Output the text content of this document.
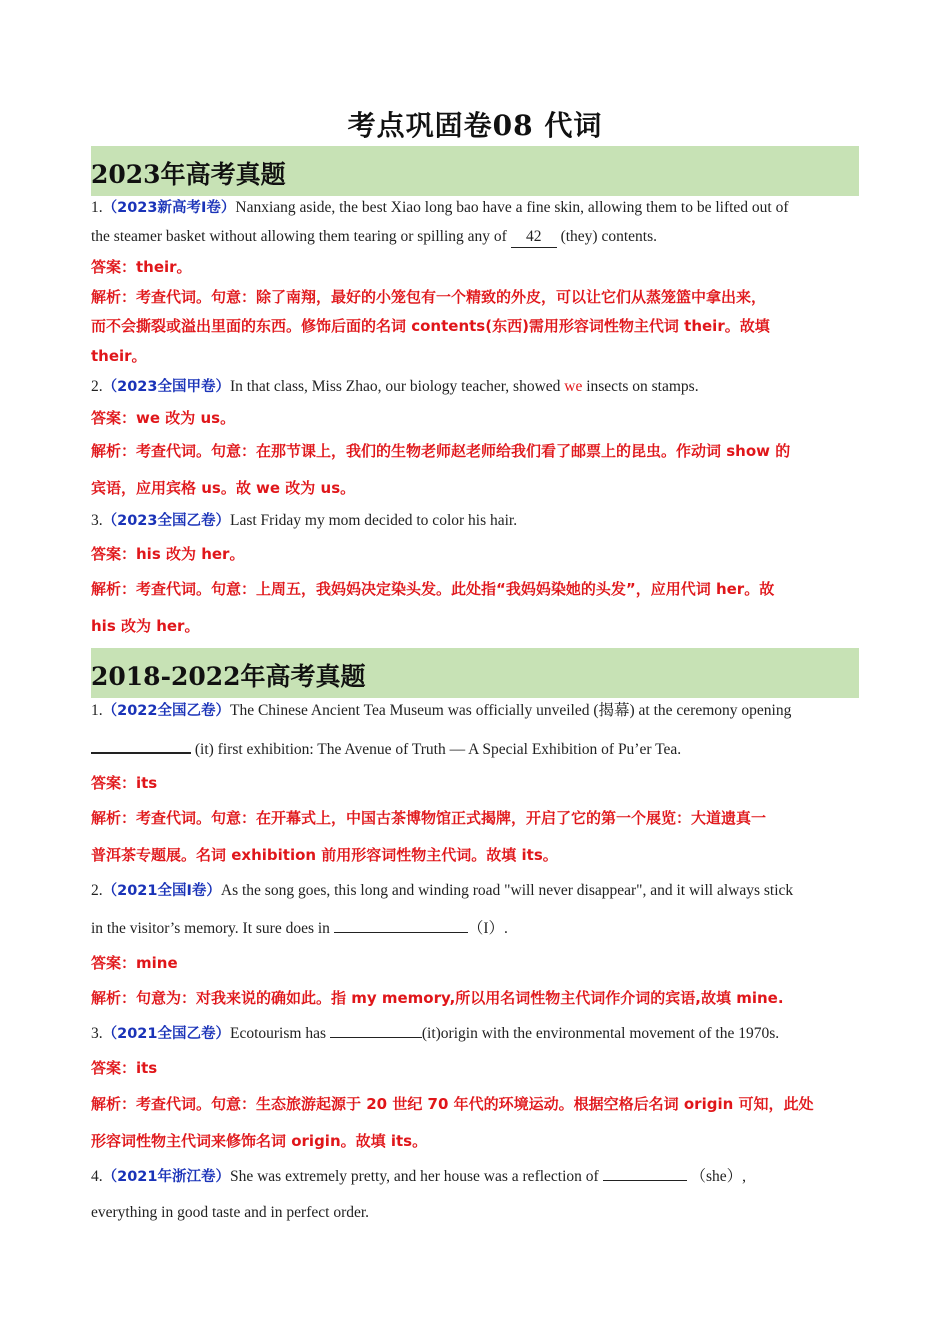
考点巩固卷08 代词
2023年高考真题
1.（2023新高考I卷）Nanxiang aside, the best Xiao long bao have a fine skin, allowing them to be lifted out of
the steamer basket without allowing them tearing or spilling any of 42 (they) contents.
答案：their。
解析：考查代词。句意：除了南翔，最好的小笼包有一个精致的外皮，可以让它们从蒸笼篮中拿出来，
而不会撕裂或溢出里面的东西。修饰后面的名词 contents(东西)需用形容词性物主代词 their。故填
their。
2.（2023全国甲卷）In that class, Miss Zhao, our biology teacher, showed we insects on stamps.
答案：we 改为 us。
解析：考查代词。句意：在那节课上，我们的生物老师赵老师给我们看了邮票上的昆虫。作动词 show 的
宾语，应用宾格 us。故 we 改为 us。
3.（2023全国乙卷）Last Friday my mom decided to color his hair.
答案：his 改为 her。
解析：考查代词。句意：上周五，我妈妈决定染头发。此处指“我妈妈染她的头发”，应用代词 her。故
his 改为 her。
2018-2022年高考真题
1.（2022全国乙卷）The Chinese Ancient Tea Museum was officially unveiled (揭幕) at the ceremony opening
(it) first exhibition: The Avenue of Truth — A Special Exhibition of Pu’er Tea.
答案：its
解析：考查代词。句意：在开幕式上，中国古茶博物馆正式揭牌，开启了它的第一个展览：大道遗真一
普洱茶专题展。名词 exhibition 前用形容词性物主代词。故填 its。
2.（2021全国I卷）As the song goes, this long and winding road "will never disappear", and it will always stick
in the visitor’s memory. It sure does in	（I）.
答案：mine
解析：句意为：对我来说的确如此。指 my memory,所以用名词性物主代词作介词的宾语,故填 mine.
3.（2021全国乙卷）Ecotourism has	(it)origin with the environmental movement of the 1970s.
答案：its
解析：考查代词。句意：生态旅游起源于 20 世纪 70 年代的环境运动。根据空格后名词 origin 可知，此处
形容词性物主代词来修饰名词 origin。故填 its。
4.（2021年浙江卷）She was extremely pretty, and her house was a reflection of	（she）,
everything in good taste and in perfect order.
